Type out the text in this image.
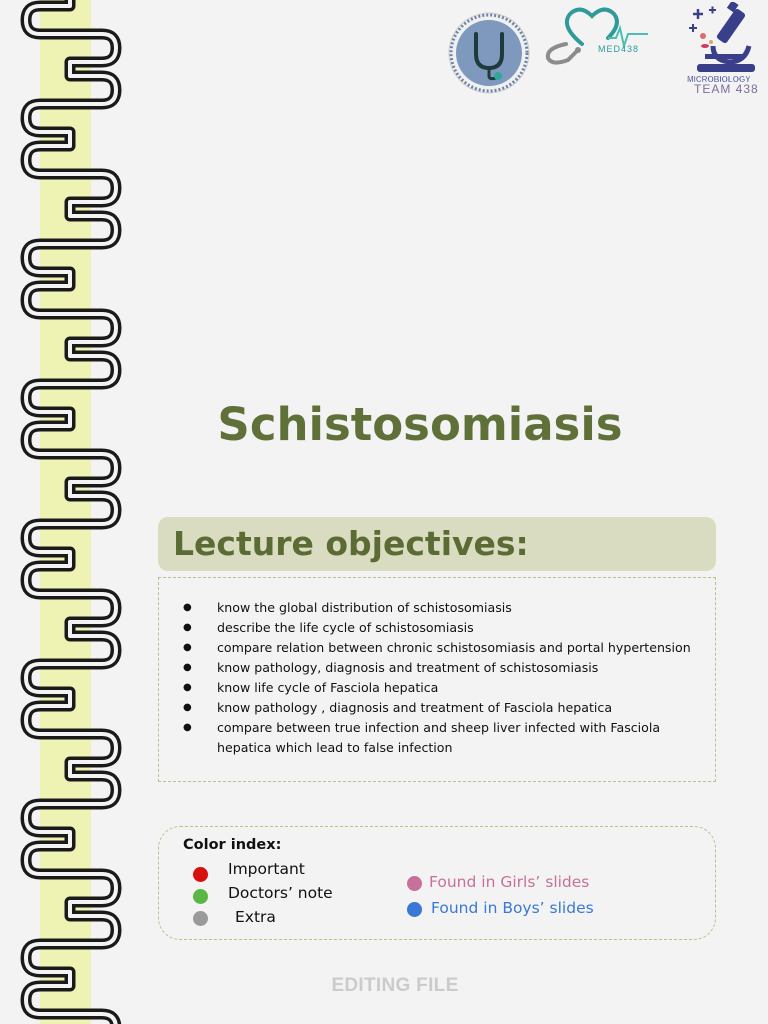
MED438
MICROBIOLOGY
TEAM 438
Schistosomiasis
Lecture objectives:
● know the global distribution of schistosomiasis
● describe the life cycle of schistosomiasis
● compare relation between chronic schistosomiasis and portal hypertension
● know pathology, diagnosis and treatment of schistosomiasis
● know life cycle of Fasciola hepatica
● know pathology , diagnosis and treatment of Fasciola hepatica
● compare between true infection and sheep liver infected with Fasciola hepatica which lead to false infection
Color index:
Important
Doctors’ note
Extra
Found in Girls’ slides
Found in Boys’ slides
EDITING FILE
